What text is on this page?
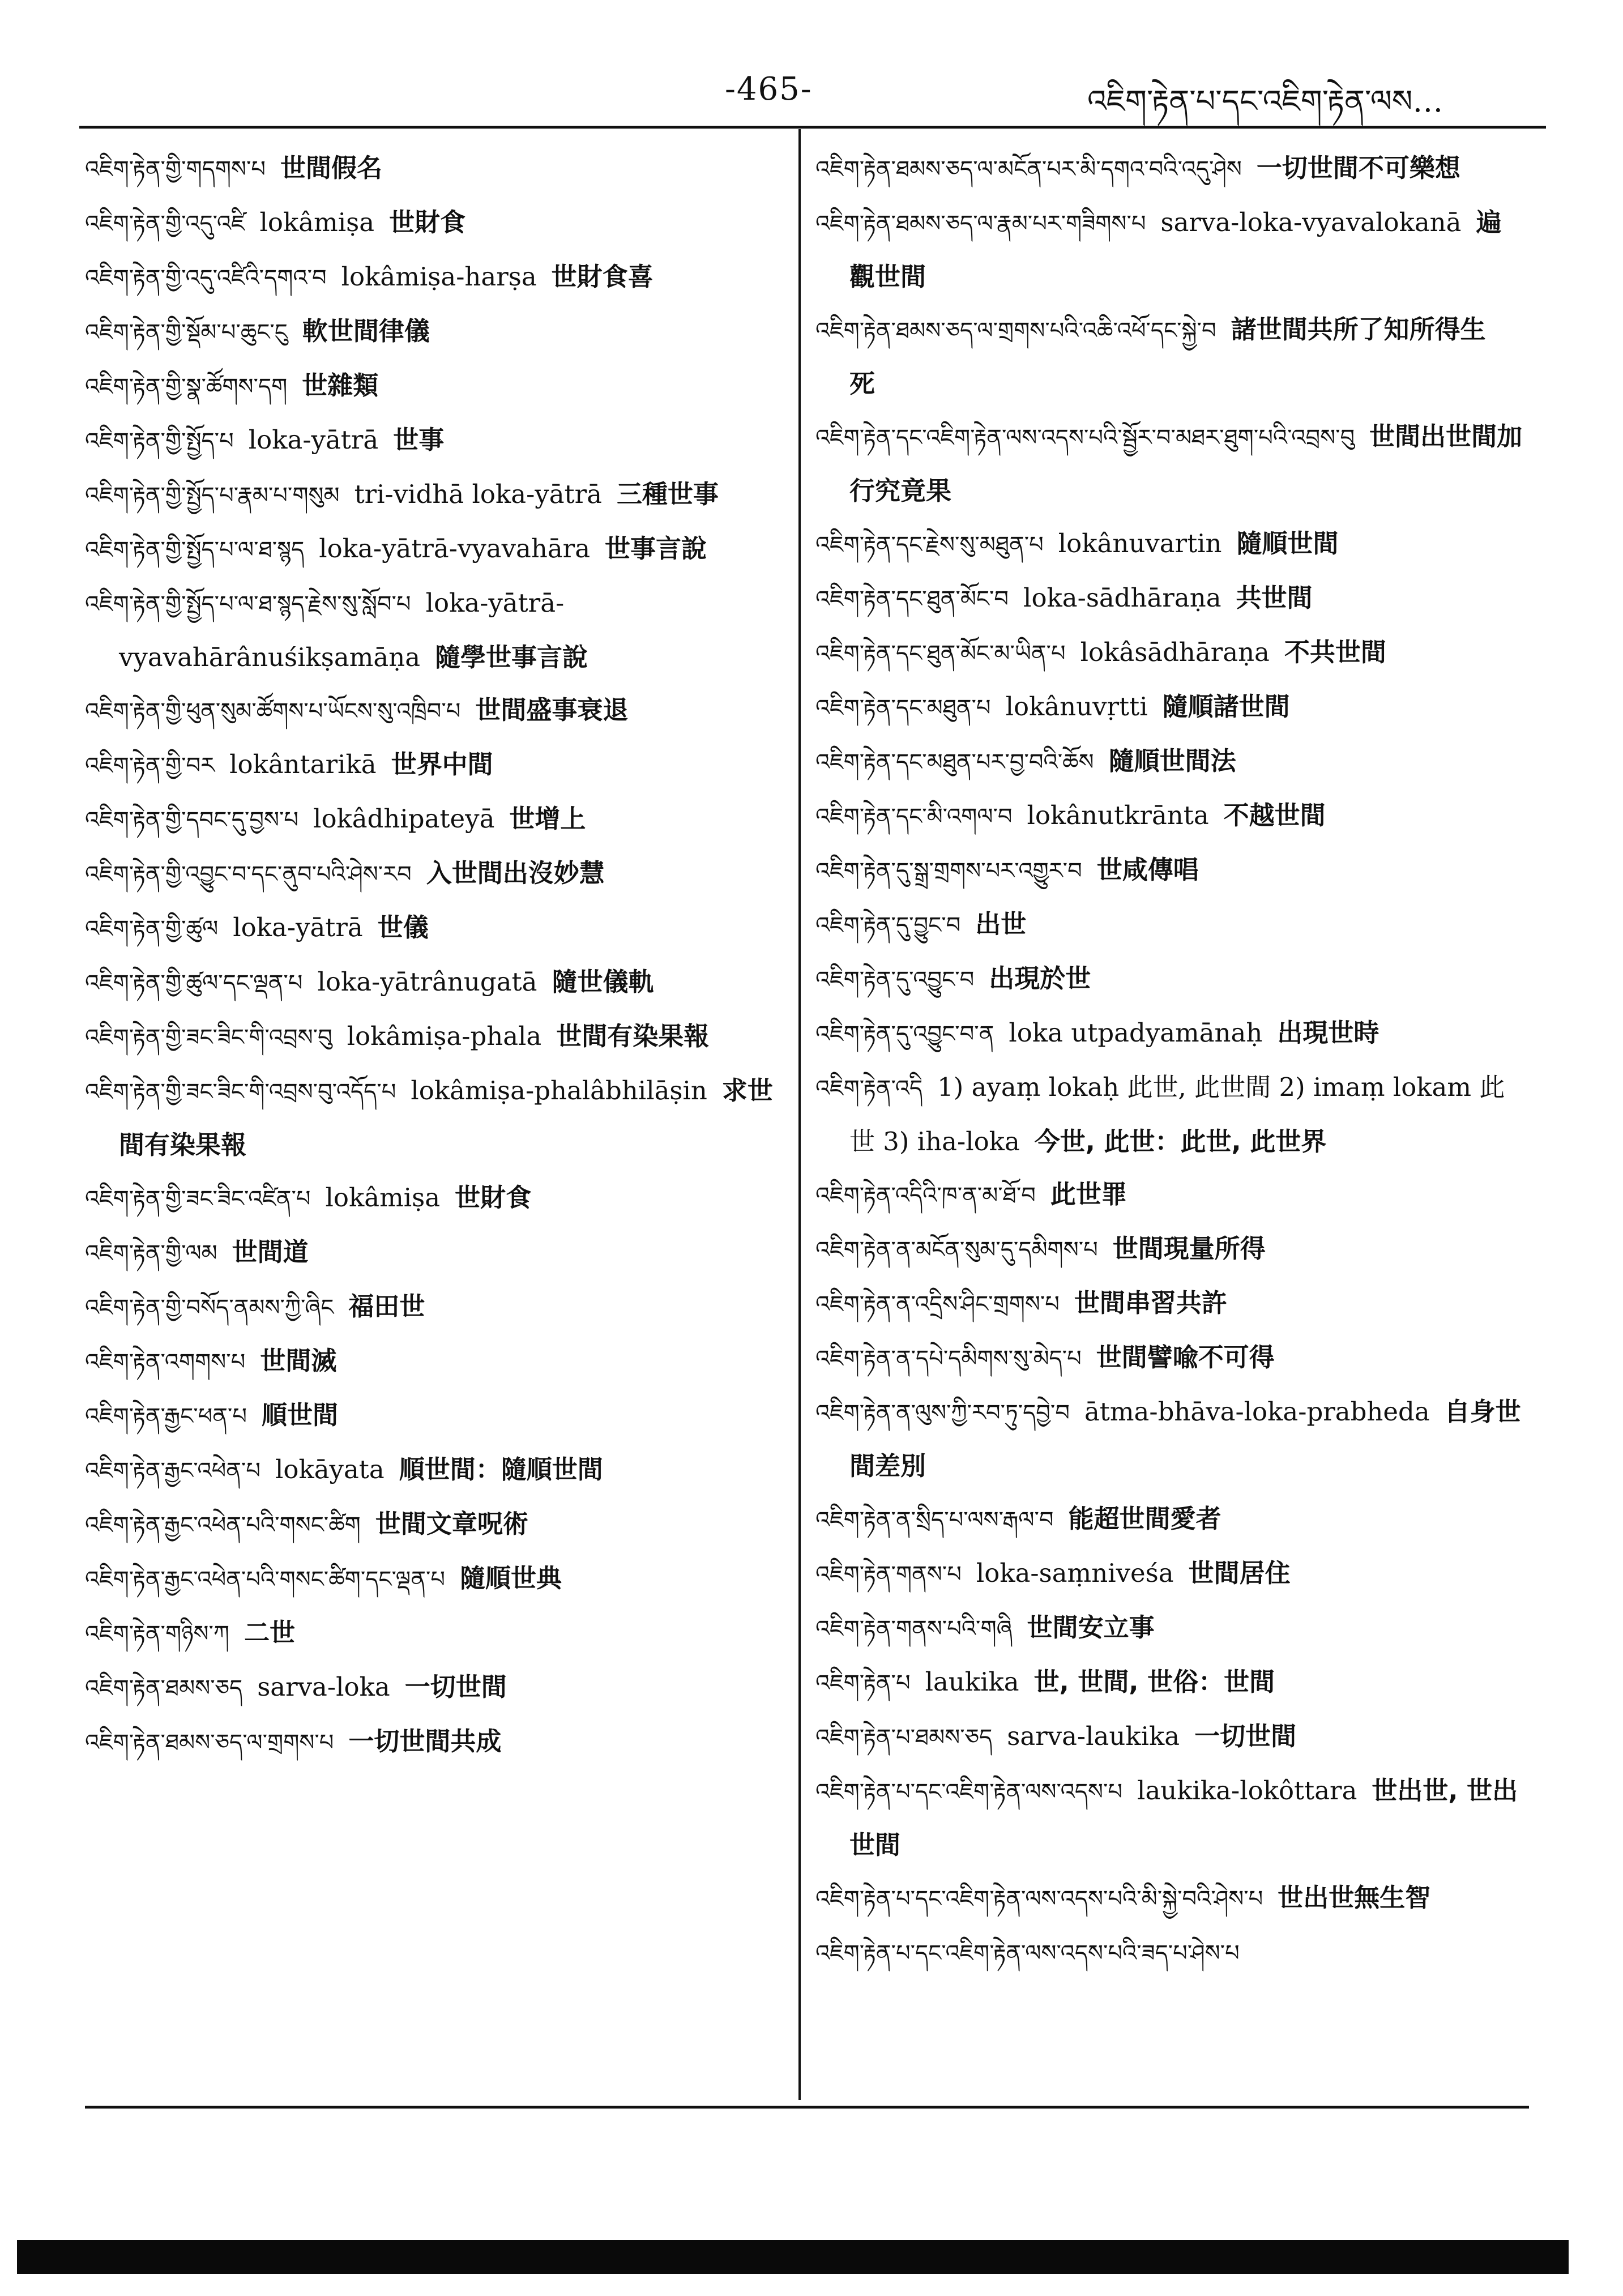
-465-	འཇིག་རྟེན་པ་དང་འཇིག་རྟེན་ལས…
འཇིག་རྟེན་གྱི་གདགས་པ 世間假名
འཇིག་རྟེན་གྱི་འདུ་འཛི lokâmiṣa 世財食
འཇིག་རྟེན་གྱི་འདུ་འཛིའི་དགའ་བ lokâmiṣa-harṣa 世財食喜
འཇིག་རྟེན་གྱི་སྡོམ་པ་ཆུང་ངུ 軟世間律儀
འཇིག་རྟེན་གྱི་སྣ་ཚོགས་དག 世雜類
འཇིག་རྟེན་གྱི་སྤྱོད་པ loka-yātrā 世事
འཇིག་རྟེན་གྱི་སྤྱོད་པ་རྣམ་པ་གསུམ tri-vidhā loka-yātrā 三種世事
འཇིག་རྟེན་གྱི་སྤྱོད་པ་ལ་ཐ་སྙད loka-yātrā-vyavahāra 世事言說
འཇིག་རྟེན་གྱི་སྤྱོད་པ་ལ་ཐ་སྙད་རྗེས་སུ་སློབ་པ loka-yātrā-vyavahārânuśikṣamāṇa 隨學世事言說
འཇིག་རྟེན་གྱི་ཕུན་སུམ་ཚོགས་པ་ཡོངས་སུ་འཁྲིབ་པ 世間盛事衰退
འཇིག་རྟེན་གྱི་བར lokântarikā 世界中間
འཇིག་རྟེན་གྱི་དབང་དུ་བྱས་པ lokâdhipateyā 世增上
འཇིག་རྟེན་གྱི་འབྱུང་བ་དང་ནུབ་པའི་ཤེས་རབ 入世間出沒妙慧
འཇིག་རྟེན་གྱི་ཚུལ loka-yātrā 世儀
འཇིག་རྟེན་གྱི་ཚུལ་དང་ལྡན་པ loka-yātrânugatā 隨世儀軌
འཇིག་རྟེན་གྱི་ཟང་ཟིང་གི་འབྲས་བུ lokâmiṣa-phala 世間有染果報
འཇིག་རྟེན་གྱི་ཟང་ཟིང་གི་འབྲས་བུ་འདོད་པ lokâmiṣa-phalâbhilāṣin 求世間有染果報
འཇིག་རྟེན་གྱི་ཟང་ཟིང་འཛིན་པ lokâmiṣa 世財食
འཇིག་རྟེན་གྱི་ལམ 世間道
འཇིག་རྟེན་གྱི་བསོད་ནམས་ཀྱི་ཞིང 福田世
འཇིག་རྟེན་འགགས་པ 世間滅
འཇིག་རྟེན་རྒྱང་ཕན་པ 順世間
འཇིག་རྟེན་རྒྱང་འཕེན་པ lokāyata 順世間：隨順世間
འཇིག་རྟེན་རྒྱང་འཕེན་པའི་གསང་ཚིག 世間文章呪術
འཇིག་རྟེན་རྒྱང་འཕེན་པའི་གསང་ཚིག་དང་ལྡན་པ 隨順世典
འཇིག་རྟེན་གཉིས་ཀ 二世
འཇིག་རྟེན་ཐམས་ཅད sarva-loka 一切世間
འཇིག་རྟེན་ཐམས་ཅད་ལ་གྲགས་པ 一切世間共成
འཇིག་རྟེན་ཐམས་ཅད་ལ་མངོན་པར་མི་དགའ་བའི་འདུ་ཤེས 一切世間不可樂想
འཇིག་རྟེན་ཐམས་ཅད་ལ་རྣམ་པར་གཟིགས་པ sarva-loka-vyavalokanā 遍觀世間
འཇིག་རྟེན་ཐམས་ཅད་ལ་གྲགས་པའི་འཆི་འཕོ་དང་སྐྱེ་བ 諸世間共所了知所得生死
འཇིག་རྟེན་དང་འཇིག་རྟེན་ལས་འདས་པའི་སྦྱོར་བ་མཐར་ཐུག་པའི་འབྲས་བུ 世間出世間加行究竟果
འཇིག་རྟེན་དང་རྗེས་སུ་མཐུན་པ lokânuvartin 隨順世間
འཇིག་རྟེན་དང་ཐུན་མོང་བ loka-sādhāraṇa 共世間
འཇིག་རྟེན་དང་ཐུན་མོང་མ་ཡིན་པ lokâsādhāraṇa 不共世間
འཇིག་རྟེན་དང་མཐུན་པ lokânuvṛtti 隨順諸世間
འཇིག་རྟེན་དང་མཐུན་པར་བྱ་བའི་ཆོས 隨順世間法
འཇིག་རྟེན་དང་མི་འགལ་བ lokânutkrānta 不越世間
འཇིག་རྟེན་དུ་སྒྲ་གྲགས་པར་འགྱུར་བ 世咸傳唱
འཇིག་རྟེན་དུ་བྱུང་བ 出世
འཇིག་རྟེན་དུ་འབྱུང་བ 出現於世
འཇིག་རྟེན་དུ་འབྱུང་བ་ན loka utpadyamānaḥ 出現世時
འཇིག་རྟེན་འདི 1) ayaṃ lokaḥ 此世, 此世間 2) imaṃ lokam 此世 3) iha-loka 今世, 此世：此世, 此世界
འཇིག་རྟེན་འདིའི་ཁ་ན་མ་ཐོ་བ 此世罪
འཇིག་རྟེན་ན་མངོན་སུམ་དུ་དམིགས་པ 世間現量所得
འཇིག་རྟེན་ན་འདྲིས་ཤིང་གྲགས་པ 世間串習共許
འཇིག་རྟེན་ན་དཔེ་དམིགས་སུ་མེད་པ 世間譬喩不可得
འཇིག་རྟེན་ན་ལུས་ཀྱི་རབ་ཏུ་དབྱེ་བ ātma-bhāva-loka-prabheda 自身世間差別
འཇིག་རྟེན་ན་སྲིད་པ་ལས་རྒལ་བ 能超世間愛者
འཇིག་རྟེན་གནས་པ loka-saṃniveśa 世間居住
འཇིག་རྟེན་གནས་པའི་གཞི 世間安立事
འཇིག་རྟེན་པ laukika 世, 世間, 世俗：世間
འཇིག་རྟེན་པ་ཐམས་ཅད sarva-laukika 一切世間
འཇིག་རྟེན་པ་དང་འཇིག་རྟེན་ལས་འདས་པ laukika-lokôttara 世出世, 世出世間
འཇིག་རྟེན་པ་དང་འཇིག་རྟེན་ལས་འདས་པའི་མི་སྐྱེ་བའི་ཤེས་པ 世出世無生智
འཇིག་རྟེན་པ་དང་འཇིག་རྟེན་ལས་འདས་པའི་ཟད་པ་ཤེས་པ
